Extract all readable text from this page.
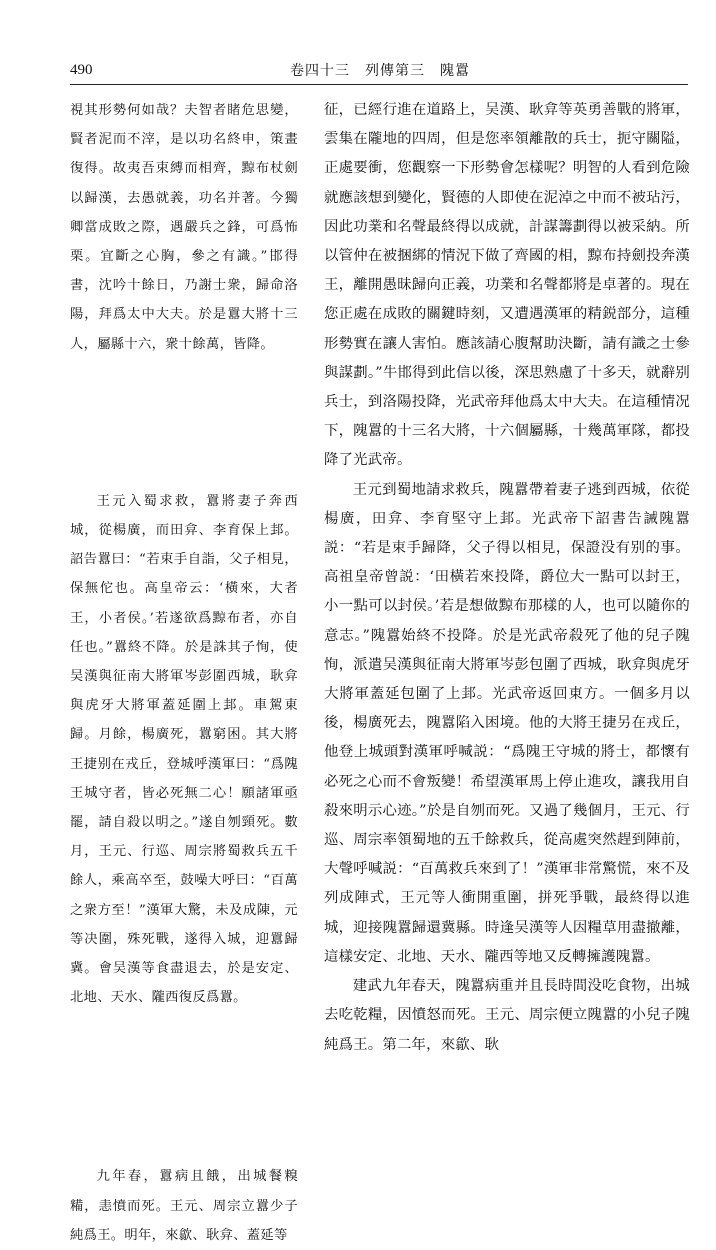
490	卷四十三　列傳第三　隗囂

視其形勢何如哉？夫智者睹危思變，賢者泥而不滓，是以功名終申，策畫復得。故夷吾束縛而相齊，黥布杖劍以歸漢，去愚就義，功名并著。今獨卿當成敗之際，遇嚴兵之鋒，可爲怖栗。宜斷之心胸，參之有識。”邯得書，沈吟十餘日，乃謝士衆，歸命洛陽，拜爲太中大夫。於是囂大將十三人，屬縣十六，衆十餘萬，皆降。

王元入蜀求救，囂將妻子奔西城，從楊廣，而田弇、李育保上邽。詔告囂曰：“若束手自詣，父子相見，保無佗也。高皇帝云：‘橫來，大者王，小者侯。’若遂欲爲黥布者，亦自任也。”囂終不降。於是誅其子恂，使吴漢與征南大將軍岑彭圍西城，耿弇與虎牙大將軍蓋延圍上邽。車駕東歸。月餘，楊廣死，囂窮困。其大將王捷别在戎丘，登城呼漢軍曰：“爲隗王城守者，皆必死無二心！願諸軍亟罷，請自殺以明之。”遂自刎頸死。數月，王元、行巡、周宗將蜀救兵五千餘人，乘高卒至，鼓噪大呼曰：“百萬之衆方至！”漢軍大驚，未及成陳，元等决圍，殊死戰，遂得入城，迎囂歸冀。會吴漢等食盡退去，於是安定、北地、天水、隴西復反爲囂。

九年春，囂病且餓，出城餐糗糒，恚憤而死。王元、周宗立囂少子純爲王。明年，來歙、耿弇、蓋延等

征，已經行進在道路上，吴漢、耿弇等英勇善戰的將軍，雲集在隴地的四周，但是您率領離散的兵士，扼守關隘，正處要衝，您觀察一下形勢會怎樣呢？明智的人看到危險就應該想到變化，賢德的人即使在泥淖之中而不被玷污，因此功業和名聲最終得以成就，計謀籌劃得以被采納。所以管仲在被捆綁的情況下做了齊國的相，黥布持劍投奔漢王，離開愚昧歸向正義，功業和名聲都將是卓著的。現在您正處在成敗的關鍵時刻，又遭遇漢軍的精鋭部分，這種形勢實在讓人害怕。應該請心腹幫助決斷，請有識之士參與謀劃。”牛邯得到此信以後，深思熟慮了十多天，就辭别兵士，到洛陽投降，光武帝拜他爲太中大夫。在這種情况下，隗囂的十三名大將，十六個屬縣，十幾萬軍隊，都投降了光武帝。

王元到蜀地請求救兵，隗囂帶着妻子逃到西城，依從楊廣，田弇、李育堅守上邽。光武帝下詔書告誡隗囂説：“若是束手歸降，父子得以相見，保證没有别的事。高祖皇帝曾説：‘田橫若來投降，爵位大一點可以封王，小一點可以封侯。’若是想做黥布那樣的人，也可以隨你的意志。”隗囂始終不投降。於是光武帝殺死了他的兒子隗恂，派遣吴漢與征南大將軍岑彭包圍了西城，耿弇與虎牙大將軍蓋延包圍了上邽。光武帝返回東方。一個多月以後，楊廣死去，隗囂陷入困境。他的大將王捷另在戎丘，他登上城頭對漢軍呼喊説：“爲隗王守城的將士，都懷有必死之心而不會叛變！希望漢軍馬上停止進攻，讓我用自殺來明示心迹。”於是自刎而死。又過了幾個月，王元、行巡、周宗率領蜀地的五千餘救兵，從高處突然趕到陣前，大聲呼喊説：“百萬救兵來到了！”漢軍非常驚慌，來不及列成陣式，王元等人衝開重圍，拼死爭戰，最終得以進城，迎接隗囂歸還冀縣。時逢吴漢等人因糧草用盡撤離，這樣安定、北地、天水、隴西等地又反轉擁護隗囂。

建武九年春天，隗囂病重并且長時間没吃食物，出城去吃乾糧，因憤怒而死。王元、周宗便立隗囂的小兒子隗純爲王。第二年，來歙、耿
